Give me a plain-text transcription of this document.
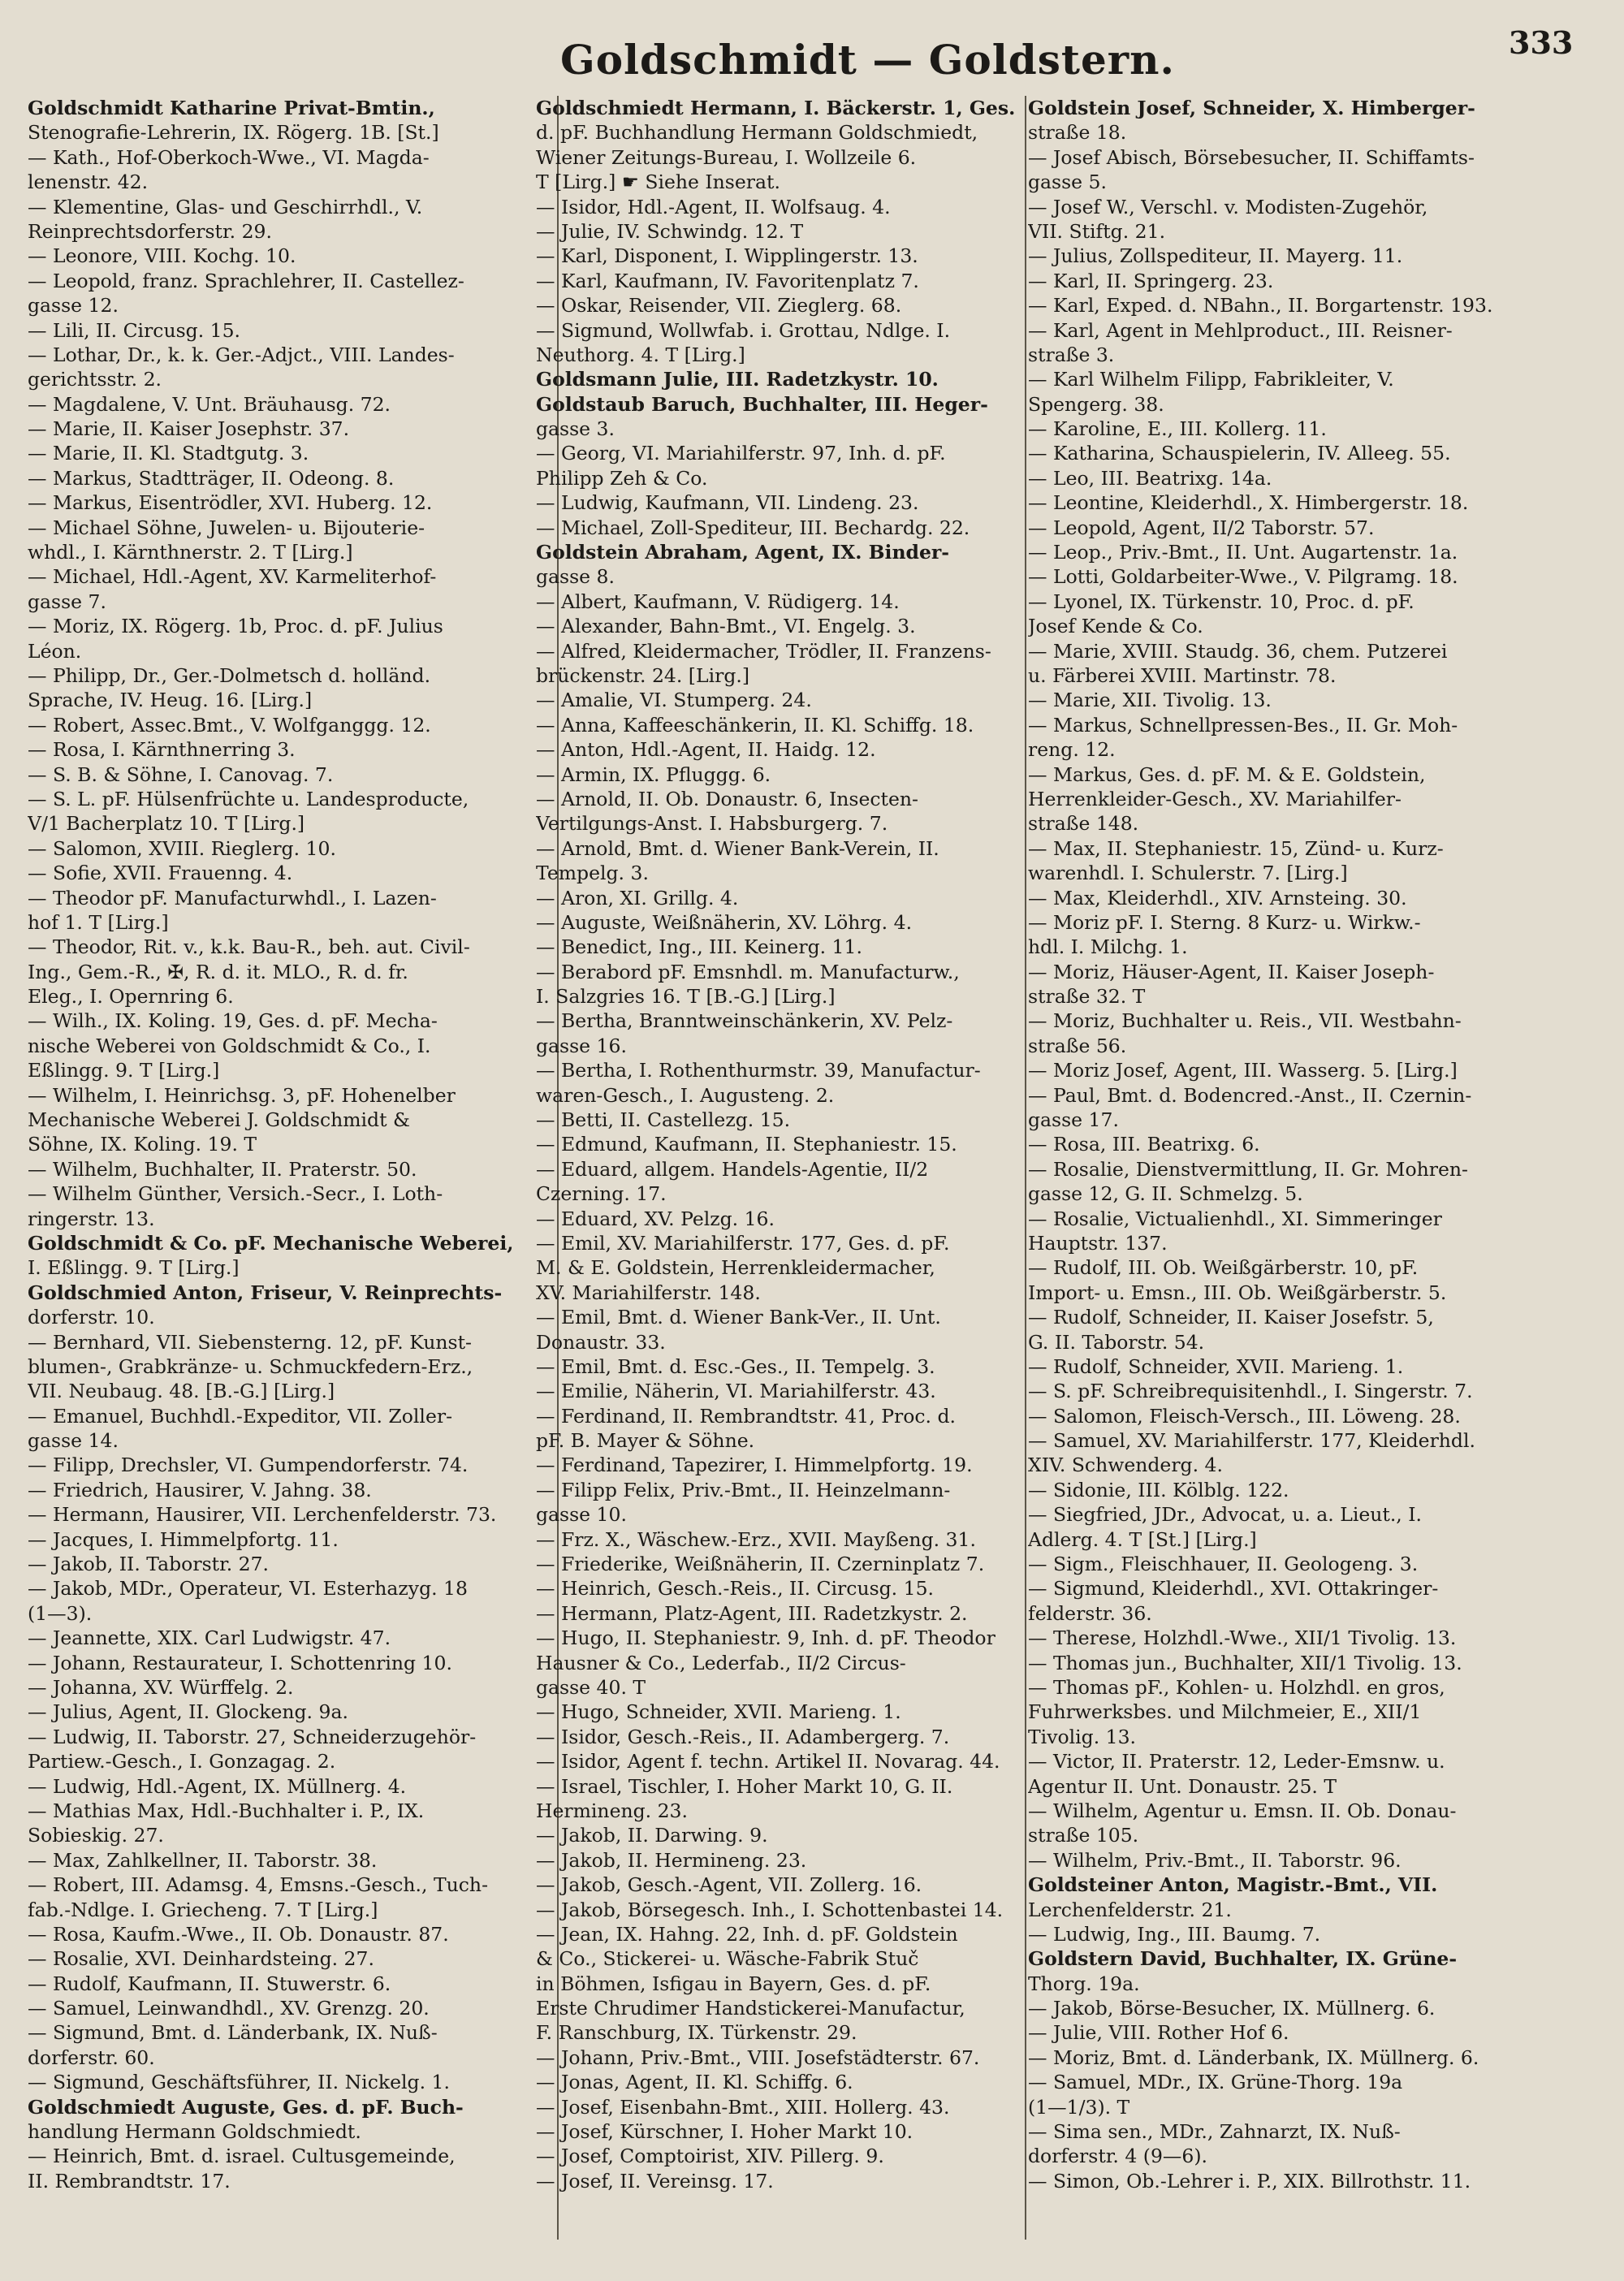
Goldschmidt — Goldstern.	333
Goldschmidt Katharine Privat-Bmtin.,
Stenografie-Lehrerin, IX. Rögerg. 1B. [St.]
— Kath., Hof-Oberkoch-Wwe., VI. Magda-
lenenstr. 42.
— Klementine, Glas- und Geschirrhdl., V.
Reinprechtsdorferstr. 29.
— Leonore, VIII. Kochg. 10.
— Leopold, franz. Sprachlehrer, II. Castellez-
gasse 12.
— Lili, II. Circusg. 15.
— Lothar, Dr., k. k. Ger.-Adjct., VIII. Landes-
gerichtsstr. 2.
— Magdalene, V. Unt. Bräuhausg. 72.
— Marie, II. Kaiser Josephstr. 37.
— Marie, II. Kl. Stadtgutg. 3.
— Markus, Stadtträger, II. Odeong. 8.
— Markus, Eisentrödler, XVI. Huberg. 12.
— Michael Söhne, Juwelen- u. Bijouterie-
whdl., I. Kärnthnerstr. 2. T [Lirg.]
— Michael, Hdl.-Agent, XV. Karmeliterhof-
gasse 7.
— Moriz, IX. Rögerg. 1b, Proc. d. pF. Julius
Léon.
— Philipp, Dr., Ger.-Dolmetsch d. holländ.
Sprache, IV. Heug. 16. [Lirg.]
— Robert, Assec.Bmt., V. Wolfganggg. 12.
— Rosa, I. Kärnthnerring 3.
— S. B. & Söhne, I. Canovag. 7.
— S. L. pF. Hülsenfrüchte u. Landesproducte,
V/1 Bacherplatz 10. T [Lirg.]
— Salomon, XVIII. Rieglerg. 10.
— Sofie, XVII. Frauenng. 4.
— Theodor pF. Manufacturwhdl., I. Lazen-
hof 1. T [Lirg.]
— Theodor, Rit. v., k.k. Bau-R., beh. aut. Civil-
Ing., Gem.-R., ✠, R. d. it. MLO., R. d. fr.
Eleg., I. Opernring 6.
— Wilh., IX. Koling. 19, Ges. d. pF. Mecha-
nische Weberei von Goldschmidt & Co., I.
Eßlingg. 9. T [Lirg.]
— Wilhelm, I. Heinrichsg. 3, pF. Hohenelber
Mechanische Weberei J. Goldschmidt &
Söhne, IX. Koling. 19. T
— Wilhelm, Buchhalter, II. Praterstr. 50.
— Wilhelm Günther, Versich.-Secr., I. Loth-
ringerstr. 13.
Goldschmidt & Co. pF. Mechanische Weberei,
I. Eßlingg. 9. T [Lirg.]
Goldschmied Anton, Friseur, V. Reinprechts-
dorferstr. 10.
— Bernhard, VII. Siebensterng. 12, pF. Kunst-
blumen-, Grabkränze- u. Schmuckfedern-Erz.,
VII. Neubaug. 48. [B.-G.] [Lirg.]
— Emanuel, Buchhdl.-Expeditor, VII. Zoller-
gasse 14.
— Filipp, Drechsler, VI. Gumpendorferstr. 74.
— Friedrich, Hausirer, V. Jahng. 38.
— Hermann, Hausirer, VII. Lerchenfelderstr. 73.
— Jacques, I. Himmelpfortg. 11.
— Jakob, II. Taborstr. 27.
— Jakob, MDr., Operateur, VI. Esterhazyg. 18
(1—3).
— Jeannette, XIX. Carl Ludwigstr. 47.
— Johann, Restaurateur, I. Schottenring 10.
— Johanna, XV. Würffelg. 2.
— Julius, Agent, II. Glockeng. 9a.
— Ludwig, II. Taborstr. 27, Schneiderzugehör-
Partiew.-Gesch., I. Gonzagag. 2.
— Ludwig, Hdl.-Agent, IX. Müllnerg. 4.
— Mathias Max, Hdl.-Buchhalter i. P., IX.
Sobieskig. 27.
— Max, Zahlkellner, II. Taborstr. 38.
— Robert, III. Adamsg. 4, Emsns.-Gesch., Tuch-
fab.-Ndlge. I. Griecheng. 7. T [Lirg.]
— Rosa, Kaufm.-Wwe., II. Ob. Donaustr. 87.
— Rosalie, XVI. Deinhardsteing. 27.
— Rudolf, Kaufmann, II. Stuwerstr. 6.
— Samuel, Leinwandhdl., XV. Grenzg. 20.
— Sigmund, Bmt. d. Länderbank, IX. Nuß-
dorferstr. 60.
— Sigmund, Geschäftsführer, II. Nickelg. 1.
Goldschmiedt Auguste, Ges. d. pF. Buch-
handlung Hermann Goldschmiedt.
— Heinrich, Bmt. d. israel. Cultusgemeinde,
II. Rembrandtstr. 17.
Goldschmiedt Hermann, I. Bäckerstr. 1, Ges.
d. pF. Buchhandlung Hermann Goldschmiedt,
Wiener Zeitungs-Bureau, I. Wollzeile 6.
T [Lirg.] ☛ Siehe Inserat.
— Isidor, Hdl.-Agent, II. Wolfsaug. 4.
— Julie, IV. Schwindg. 12. T
— Karl, Disponent, I. Wipplingerstr. 13.
— Karl, Kaufmann, IV. Favoritenplatz 7.
— Oskar, Reisender, VII. Zieglerg. 68.
— Sigmund, Wollwfab. i. Grottau, Ndlge. I.
Neuthorg. 4. T [Lirg.]
Goldsmann Julie, III. Radetzkystr. 10.
Goldstaub Baruch, Buchhalter, III. Heger-
gasse 3.
— Georg, VI. Mariahilferstr. 97, Inh. d. pF.
Philipp Zeh & Co.
— Ludwig, Kaufmann, VII. Lindeng. 23.
— Michael, Zoll-Spediteur, III. Bechardg. 22.
Goldstein Abraham, Agent, IX. Binder-
gasse 8.
— Albert, Kaufmann, V. Rüdigerg. 14.
— Alexander, Bahn-Bmt., VI. Engelg. 3.
— Alfred, Kleidermacher, Trödler, II. Franzens-
brückenstr. 24. [Lirg.]
— Amalie, VI. Stumperg. 24.
— Anna, Kaffeeschänkerin, II. Kl. Schiffg. 18.
— Anton, Hdl.-Agent, II. Haidg. 12.
— Armin, IX. Pfluggg. 6.
— Arnold, II. Ob. Donaustr. 6, Insecten-
Vertilgungs-Anst. I. Habsburgerg. 7.
— Arnold, Bmt. d. Wiener Bank-Verein, II.
Tempelg. 3.
— Aron, XI. Grillg. 4.
— Auguste, Weißnäherin, XV. Löhrg. 4.
— Benedict, Ing., III. Keinerg. 11.
— Berabord pF. Emsnhdl. m. Manufacturw.,
I. Salzgries 16. T [B.-G.] [Lirg.]
— Bertha, Branntweinschänkerin, XV. Pelz-
gasse 16.
— Bertha, I. Rothenthurmstr. 39, Manufactur-
waren-Gesch., I. Augusteng. 2.
— Betti, II. Castellezg. 15.
— Edmund, Kaufmann, II. Stephaniestr. 15.
— Eduard, allgem. Handels-Agentie, II/2
Czerning. 17.
— Eduard, XV. Pelzg. 16.
— Emil, XV. Mariahilferstr. 177, Ges. d. pF.
M. & E. Goldstein, Herrenkleidermacher,
XV. Mariahilferstr. 148.
— Emil, Bmt. d. Wiener Bank-Ver., II. Unt.
Donaustr. 33.
— Emil, Bmt. d. Esc.-Ges., II. Tempelg. 3.
— Emilie, Näherin, VI. Mariahilferstr. 43.
— Ferdinand, II. Rembrandtstr. 41, Proc. d.
pF. B. Mayer & Söhne.
— Ferdinand, Tapezirer, I. Himmelpfortg. 19.
— Filipp Felix, Priv.-Bmt., II. Heinzelmann-
gasse 10.
— Frz. X., Wäschew.-Erz., XVII. Mayßeng. 31.
— Friederike, Weißnäherin, II. Czerninplatz 7.
— Heinrich, Gesch.-Reis., II. Circusg. 15.
— Hermann, Platz-Agent, III. Radetzkystr. 2.
— Hugo, II. Stephaniestr. 9, Inh. d. pF. Theodor
Hausner & Co., Lederfab., II/2 Circus-
gasse 40. T
— Hugo, Schneider, XVII. Marieng. 1.
— Isidor, Gesch.-Reis., II. Adambergerg. 7.
— Isidor, Agent f. techn. Artikel II. Novarag. 44.
— Israel, Tischler, I. Hoher Markt 10, G. II.
Hermineng. 23.
— Jakob, II. Darwing. 9.
— Jakob, II. Hermineng. 23.
— Jakob, Gesch.-Agent, VII. Zollerg. 16.
— Jakob, Börsegesch. Inh., I. Schottenbastei 14.
— Jean, IX. Hahng. 22, Inh. d. pF. Goldstein
& Co., Stickerei- u. Wäsche-Fabrik Stuč
in Böhmen, Isfigau in Bayern, Ges. d. pF.
Erste Chrudimer Handstickerei-Manufactur,
F. Ranschburg, IX. Türkenstr. 29.
— Johann, Priv.-Bmt., VIII. Josefstädterstr. 67.
— Jonas, Agent, II. Kl. Schiffg. 6.
— Josef, Eisenbahn-Bmt., XIII. Hollerg. 43.
— Josef, Kürschner, I. Hoher Markt 10.
— Josef, Comptoirist, XIV. Pillerg. 9.
— Josef, II. Vereinsg. 17.
Goldstein Josef, Schneider, X. Himberger-
straße 18.
— Josef Abisch, Börsebesucher, II. Schiffamts-
gasse 5.
— Josef W., Verschl. v. Modisten-Zugehör,
VII. Stiftg. 21.
— Julius, Zollspediteur, II. Mayerg. 11.
— Karl, II. Springerg. 23.
— Karl, Exped. d. NBahn., II. Borgartenstr. 193.
— Karl, Agent in Mehlproduct., III. Reisner-
straße 3.
— Karl Wilhelm Filipp, Fabrikleiter, V.
Spengerg. 38.
— Karoline, E., III. Kollerg. 11.
— Katharina, Schauspielerin, IV. Alleeg. 55.
— Leo, III. Beatrixg. 14a.
— Leontine, Kleiderhdl., X. Himbergerstr. 18.
— Leopold, Agent, II/2 Taborstr. 57.
— Leop., Priv.-Bmt., II. Unt. Augartenstr. 1a.
— Lotti, Goldarbeiter-Wwe., V. Pilgramg. 18.
— Lyonel, IX. Türkenstr. 10, Proc. d. pF.
Josef Kende & Co.
— Marie, XVIII. Staudg. 36, chem. Putzerei
u. Färberei XVIII. Martinstr. 78.
— Marie, XII. Tivolig. 13.
— Markus, Schnellpressen-Bes., II. Gr. Moh-
reng. 12.
— Markus, Ges. d. pF. M. & E. Goldstein,
Herrenkleider-Gesch., XV. Mariahilfer-
straße 148.
— Max, II. Stephaniestr. 15, Zünd- u. Kurz-
warenhdl. I. Schulerstr. 7. [Lirg.]
— Max, Kleiderhdl., XIV. Arnsteing. 30.
— Moriz pF. I. Sterng. 8 Kurz- u. Wirkw.-
hdl. I. Milchg. 1.
— Moriz, Häuser-Agent, II. Kaiser Joseph-
straße 32. T
— Moriz, Buchhalter u. Reis., VII. Westbahn-
straße 56.
— Moriz Josef, Agent, III. Wasserg. 5. [Lirg.]
— Paul, Bmt. d. Bodencred.-Anst., II. Czernin-
gasse 17.
— Rosa, III. Beatrixg. 6.
— Rosalie, Dienstvermittlung, II. Gr. Mohren-
gasse 12, G. II. Schmelzg. 5.
— Rosalie, Victualienhdl., XI. Simmeringer
Hauptstr. 137.
— Rudolf, III. Ob. Weißgärberstr. 10, pF.
Import- u. Emsn., III. Ob. Weißgärberstr. 5.
— Rudolf, Schneider, II. Kaiser Josefstr. 5,
G. II. Taborstr. 54.
— Rudolf, Schneider, XVII. Marieng. 1.
— S. pF. Schreibrequisitenhdl., I. Singerstr. 7.
— Salomon, Fleisch-Versch., III. Löweng. 28.
— Samuel, XV. Mariahilferstr. 177, Kleiderhdl.
XIV. Schwenderg. 4.
— Sidonie, III. Kölblg. 122.
— Siegfried, JDr., Advocat, u. a. Lieut., I.
Adlerg. 4. T [St.] [Lirg.]
— Sigm., Fleischhauer, II. Geologeng. 3.
— Sigmund, Kleiderhdl., XVI. Ottakringer-
felderstr. 36.
— Therese, Holzhdl.-Wwe., XII/1 Tivolig. 13.
— Thomas jun., Buchhalter, XII/1 Tivolig. 13.
— Thomas pF., Kohlen- u. Holzhdl. en gros,
Fuhrwerksbes. und Milchmeier, E., XII/1
Tivolig. 13.
— Victor, II. Praterstr. 12, Leder-Emsnw. u.
Agentur II. Unt. Donaustr. 25. T
— Wilhelm, Agentur u. Emsn. II. Ob. Donau-
straße 105.
— Wilhelm, Priv.-Bmt., II. Taborstr. 96.
Goldsteiner Anton, Magistr.-Bmt., VII.
Lerchenfelderstr. 21.
— Ludwig, Ing., III. Baumg. 7.
Goldstern David, Buchhalter, IX. Grüne-
Thorg. 19a.
— Jakob, Börse-Besucher, IX. Müllnerg. 6.
— Julie, VIII. Rother Hof 6.
— Moriz, Bmt. d. Länderbank, IX. Müllnerg. 6.
— Samuel, MDr., IX. Grüne-Thorg. 19a
(1—1/3). T
— Sima sen., MDr., Zahnarzt, IX. Nuß-
dorferstr. 4 (9—6).
— Simon, Ob.-Lehrer i. P., XIX. Billrothstr. 11.
